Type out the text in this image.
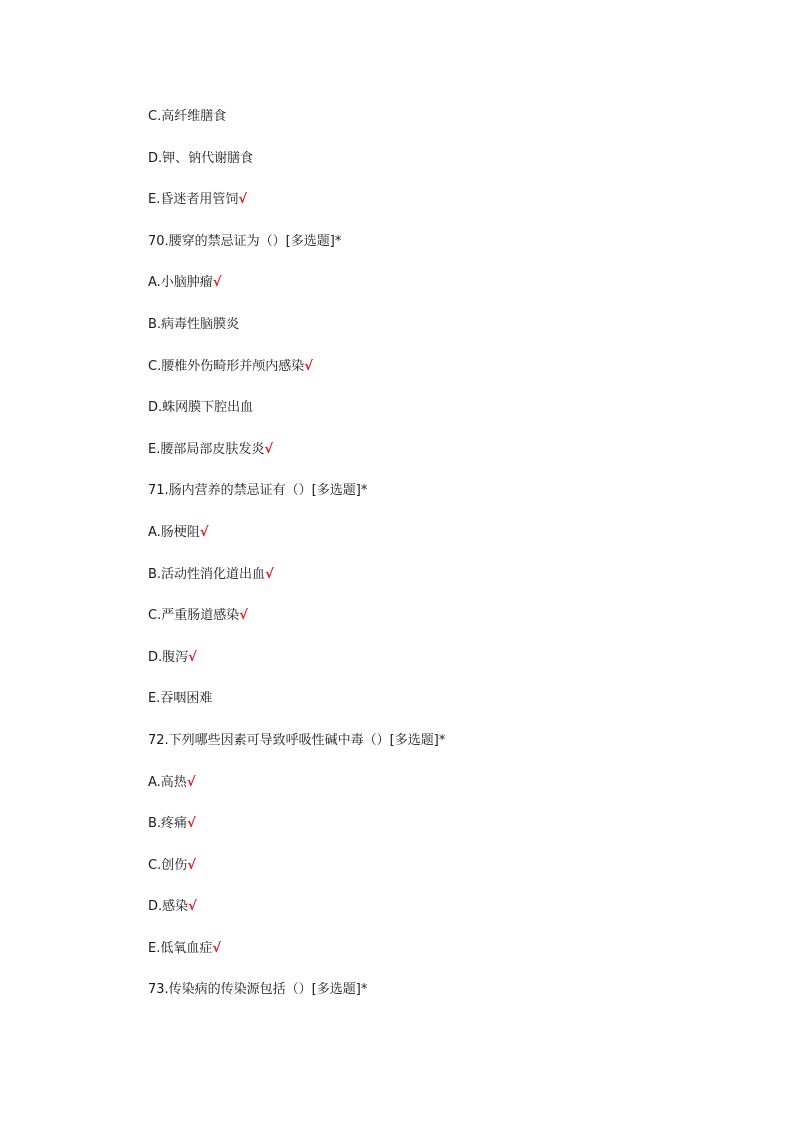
C.高纤维膳食
D.钾、钠代谢膳食
E.昏迷者用管饲√
70.腰穿的禁忌证为（）[多选题]*
A.小脑肿瘤√
B.病毒性脑膜炎
C.腰椎外伤畸形并颅内感染√
D.蛛网膜下腔出血
E.腰部局部皮肤发炎√
71.肠内营养的禁忌证有（）[多选题]*
A.肠梗阻√
B.活动性消化道出血√
C.严重肠道感染√
D.腹泻√
E.吞咽困难
72.下列哪些因素可导致呼吸性碱中毒（）[多选题]*
A.高热√
B.疼痛√
C.创伤√
D.感染√
E.低氧血症√
73.传染病的传染源包括（）[多选题]*
